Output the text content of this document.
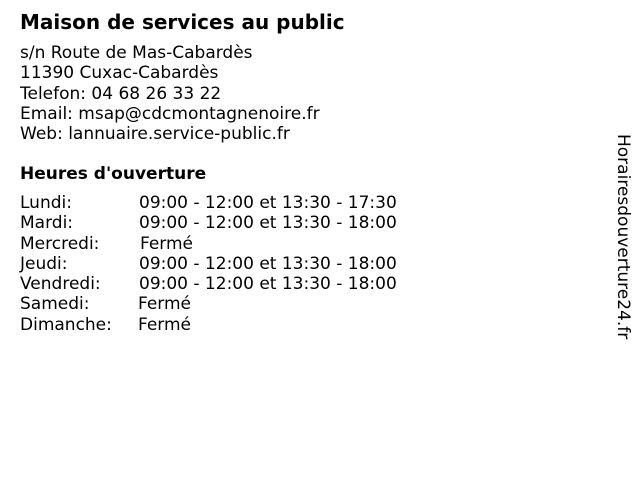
Maison de services au public
s/n Route de Mas-Cabardès
11390 Cuxac-Cabardès
Telefon: 04 68 26 33 22
Email: msap@cdcmontagnenoire.fr
Web: lannuaire.service-public.fr
Heures d'ouverture
Lundi:	09:00 - 12:00 et 13:30 - 17:30
Mardi:	09:00 - 12:00 et 13:30 - 18:00
Mercredi: Fermé
Jeudi:	09:00 - 12:00 et 13:30 - 18:00
Vendredi: 09:00 - 12:00 et 13:30 - 18:00
Samedi:	Fermé
Dimanche: Fermé	Horairesdouverture24.fr
